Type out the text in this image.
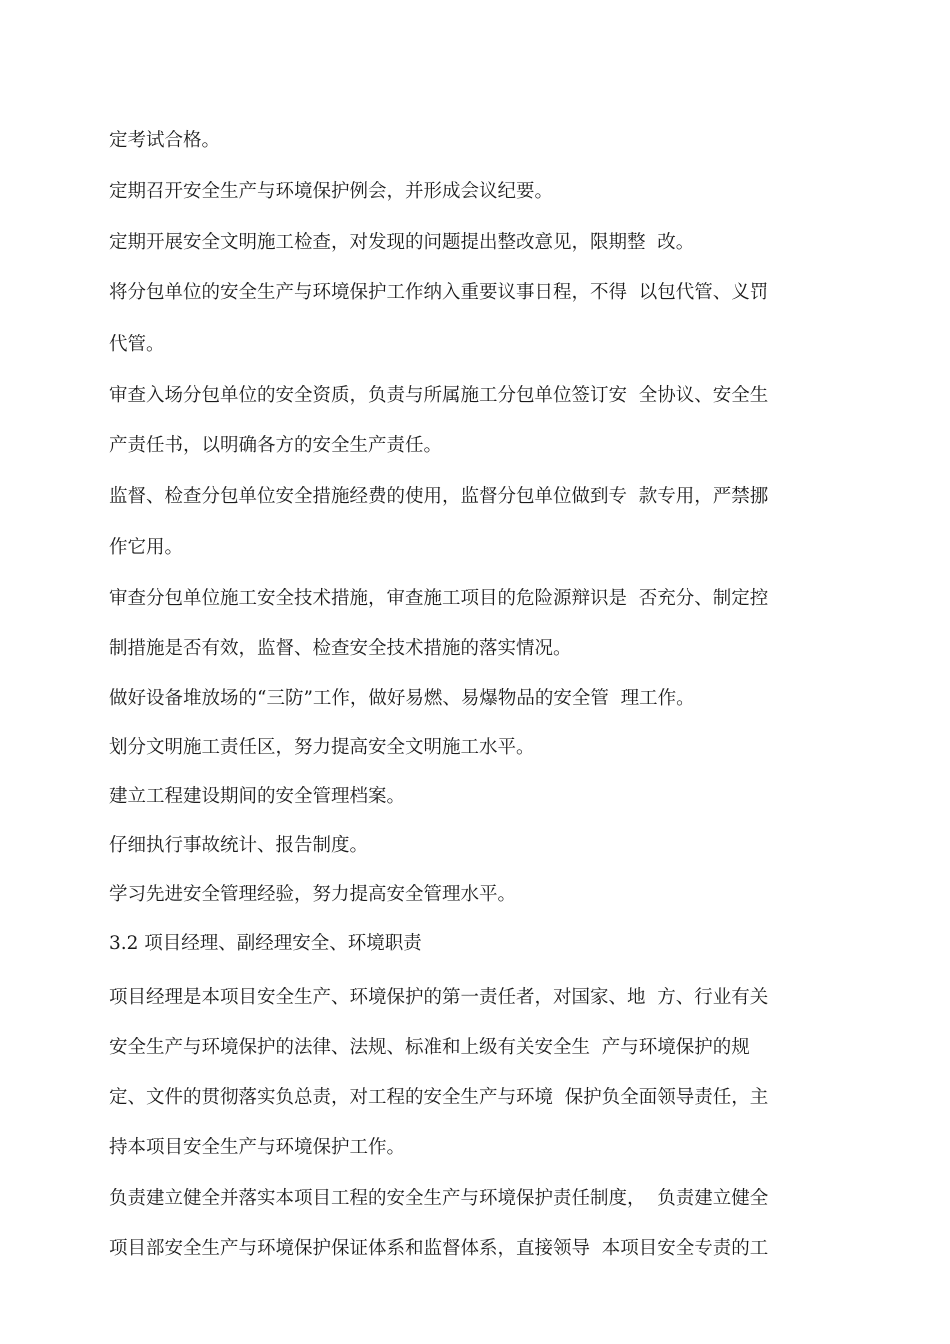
定考试合格。
定期召开安全生产与环境保护例会，并形成会议纪要。
定期开展安全文明施工检查，对发现的问题提出整改意见，限期整  改。
将分包单位的安全生产与环境保护工作纳入重要议事日程，不得  以包代管、义罚
代管。
审查入场分包单位的安全资质，负责与所属施工分包单位签订安  全协议、安全生
产责任书，以明确各方的安全生产责任。
监督、检查分包单位安全措施经费的使用，监督分包单位做到专  款专用，严禁挪
作它用。
审查分包单位施工安全技术措施，审查施工项目的危险源辩识是  否充分、制定控
制措施是否有效，监督、检查安全技术措施的落实情况。
做好设备堆放场的“三防”工作，做好易燃、易爆物品的安全管  理工作。
划分文明施工责任区，努力提高安全文明施工水平。
建立工程建设期间的安全管理档案。
仔细执行事故统计、报告制度。
学习先进安全管理经验，努力提高安全管理水平。
3.2 项目经理、副经理安全、环境职责
项目经理是本项目安全生产、环境保护的第一责任者，对国家、地  方、行业有关
安全生产与环境保护的法律、法规、标准和上级有关安全生  产与环境保护的规
定、文件的贯彻落实负总责，对工程的安全生产与环境  保护负全面领导责任，主
持本项目安全生产与环境保护工作。
负责建立健全并落实本项目工程的安全生产与环境保护责任制度，  负责建立健全
项目部安全生产与环境保护保证体系和监督体系，直接领导  本项目安全专责的工
